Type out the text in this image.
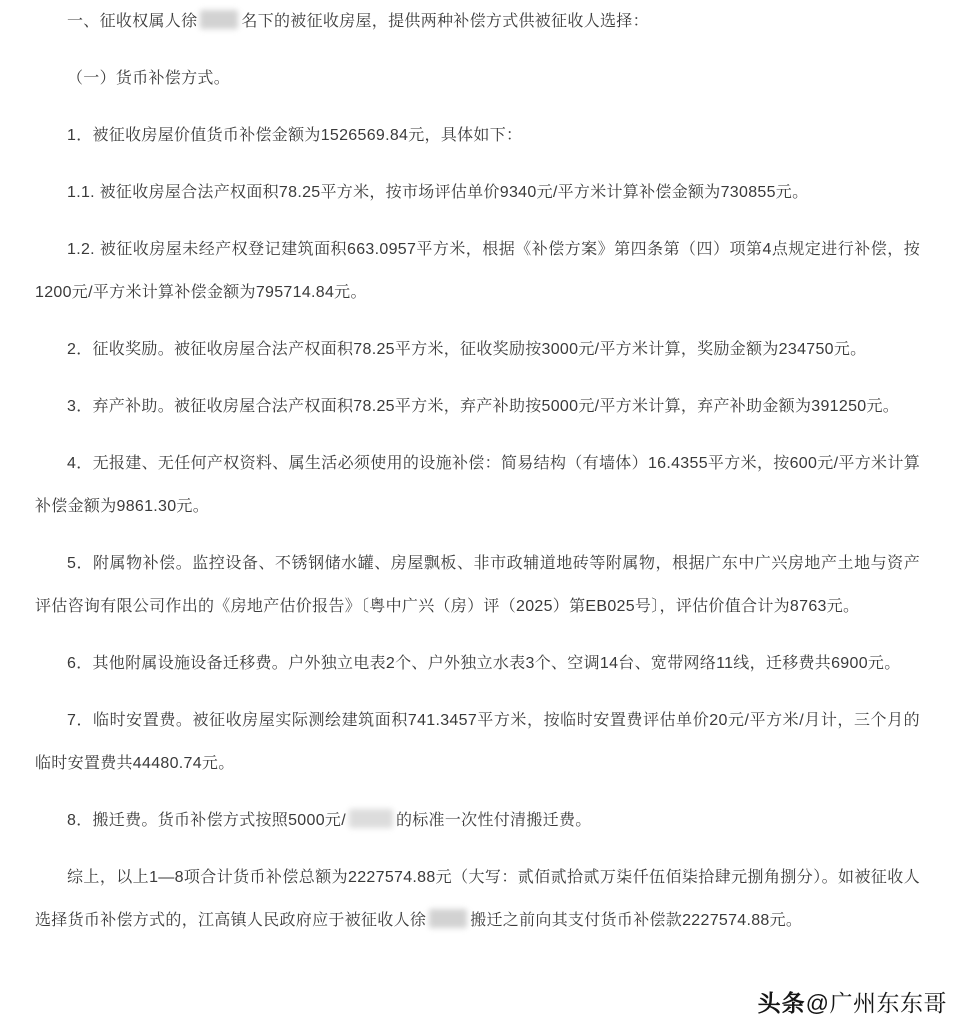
一、征收权属人徐	名下的被征收房屋，提供两种补偿方式供被征收人选择：

（一）货币补偿方式。

1．被征收房屋价值货币补偿金额为1526569.84元，具体如下：

1.1. 被征收房屋合法产权面积78.25平方米，按市场评估单价9340元/平方米计算补偿金额为730855元。

1.2. 被征收房屋未经产权登记建筑面积663.0957平方米，根据《补偿方案》第四条第（四）项第4点规定进行补偿，按1200元/平方米计算补偿金额为795714.84元。

2．征收奖励。被征收房屋合法产权面积78.25平方米，征收奖励按3000元/平方米计算，奖励金额为234750元。

3．弃产补助。被征收房屋合法产权面积78.25平方米，弃产补助按5000元/平方米计算，弃产补助金额为391250元。

4．无报建、无任何产权资料、属生活必须使用的设施补偿：简易结构（有墙体）16.4355平方米，按600元/平方米计算补偿金额为9861.30元。

5．附属物补偿。监控设备、不锈钢储水罐、房屋飘板、非市政辅道地砖等附属物，根据广东中广兴房地产土地与资产评估咨询有限公司作出的《房地产估价报告》〔粤中广兴（房）评（2025）第EB025号〕，评估价值合计为8763元。

6．其他附属设施设备迁移费。户外独立电表2个、户外独立水表3个、空调14台、宽带网络11线，迁移费共6900元。

7．临时安置费。被征收房屋实际测绘建筑面积741.3457平方米，按临时安置费评估单价20元/平方米/月计，三个月的临时安置费共44480.74元。

8．搬迁费。货币补偿方式按照5000元/	的标准一次性付清搬迁费。

综上，以上1—8项合计货币补偿总额为2227574.88元（大写：贰佰贰拾贰万柒仟伍佰柒拾肆元捌角捌分）。如被征收人选择货币补偿方式的，江高镇人民政府应于被征收人徐	搬迁之前向其支付货币补偿款2227574.88元。

头条 @广州东东哥
